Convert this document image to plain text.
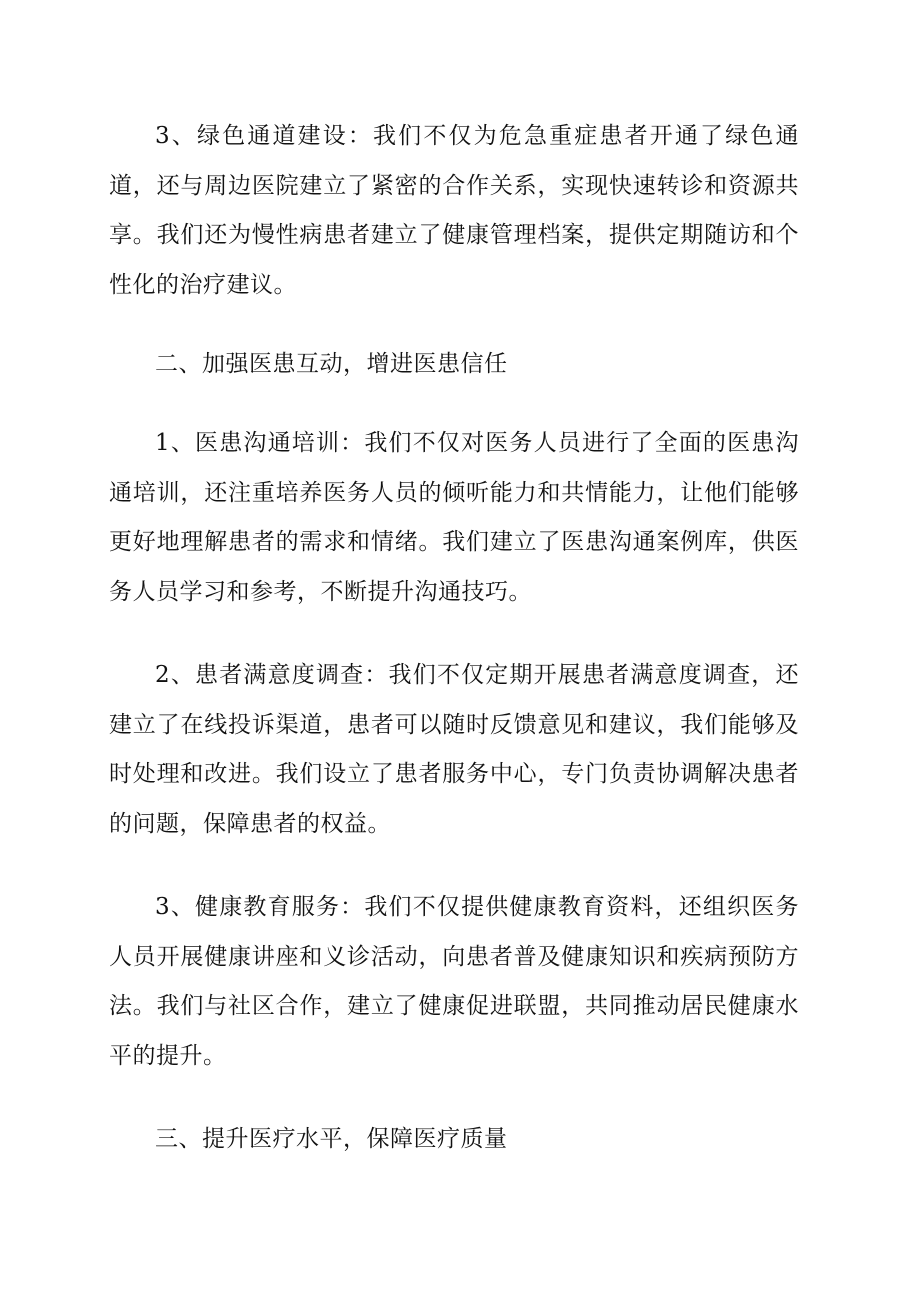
3、绿色通道建设：我们不仅为危急重症患者开通了绿色通道，还与周边医院建立了紧密的合作关系，实现快速转诊和资源共享。我们还为慢性病患者建立了健康管理档案，提供定期随访和个性化的治疗建议。

二、加强医患互动，增进医患信任

1、医患沟通培训：我们不仅对医务人员进行了全面的医患沟通培训，还注重培养医务人员的倾听能力和共情能力，让他们能够更好地理解患者的需求和情绪。我们建立了医患沟通案例库，供医务人员学习和参考，不断提升沟通技巧。

2、患者满意度调查：我们不仅定期开展患者满意度调查，还建立了在线投诉渠道，患者可以随时反馈意见和建议，我们能够及时处理和改进。我们设立了患者服务中心，专门负责协调解决患者的问题，保障患者的权益。

3、健康教育服务：我们不仅提供健康教育资料，还组织医务人员开展健康讲座和义诊活动，向患者普及健康知识和疾病预防方法。我们与社区合作，建立了健康促进联盟，共同推动居民健康水平的提升。

三、提升医疗水平，保障医疗质量
